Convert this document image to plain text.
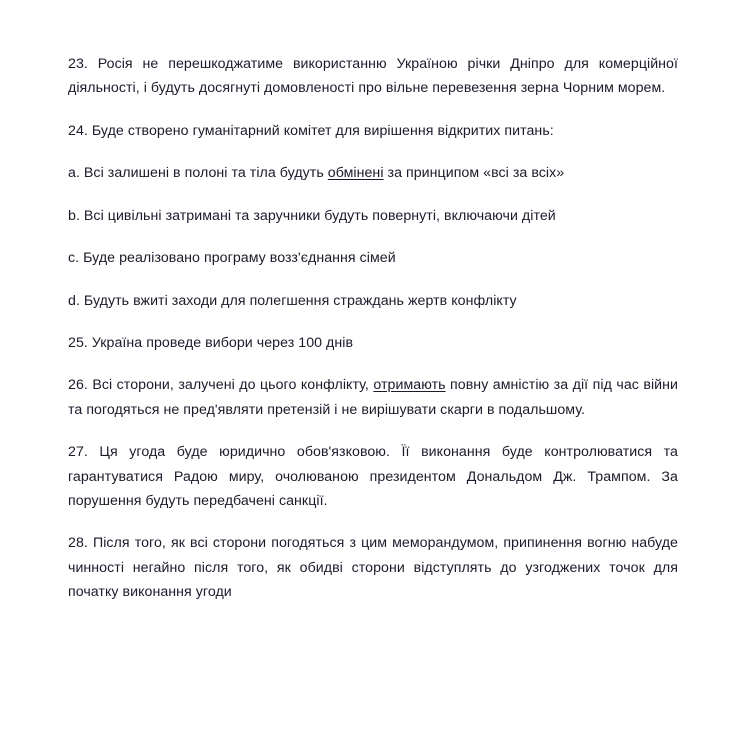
23. Росія не перешкоджатиме використанню Україною річки Дніпро для комерційної діяльності, і будуть досягнуті домовленості про вільне перевезення зерна Чорним морем.

24. Буде створено гуманітарний комітет для вирішення відкритих питань:

a. Всі залишені в полоні та тіла будуть обмінені за принципом «всі за всіх»

b. Всі цивільні затримані та заручники будуть повернуті, включаючи дітей

c. Буде реалізовано програму возз'єднання сімей

d. Будуть вжиті заходи для полегшення страждань жертв конфлікту

25. Україна проведе вибори через 100 днів

26. Всі сторони, залучені до цього конфлікту, отримають повну амністію за дії під час війни та погодяться не пред'являти претензій і не вирішувати скарги в подальшому.

27. Ця угода буде юридично обов'язковою. Її виконання буде контролюватися та гарантуватися Радою миру, очолюваною президентом Дональдом Дж. Трампом. За порушення будуть передбачені санкції.

28. Після того, як всі сторони погодяться з цим меморандумом, припинення вогню набуде чинності негайно після того, як обидві сторони відступлять до узгоджених точок для початку виконання угоди
